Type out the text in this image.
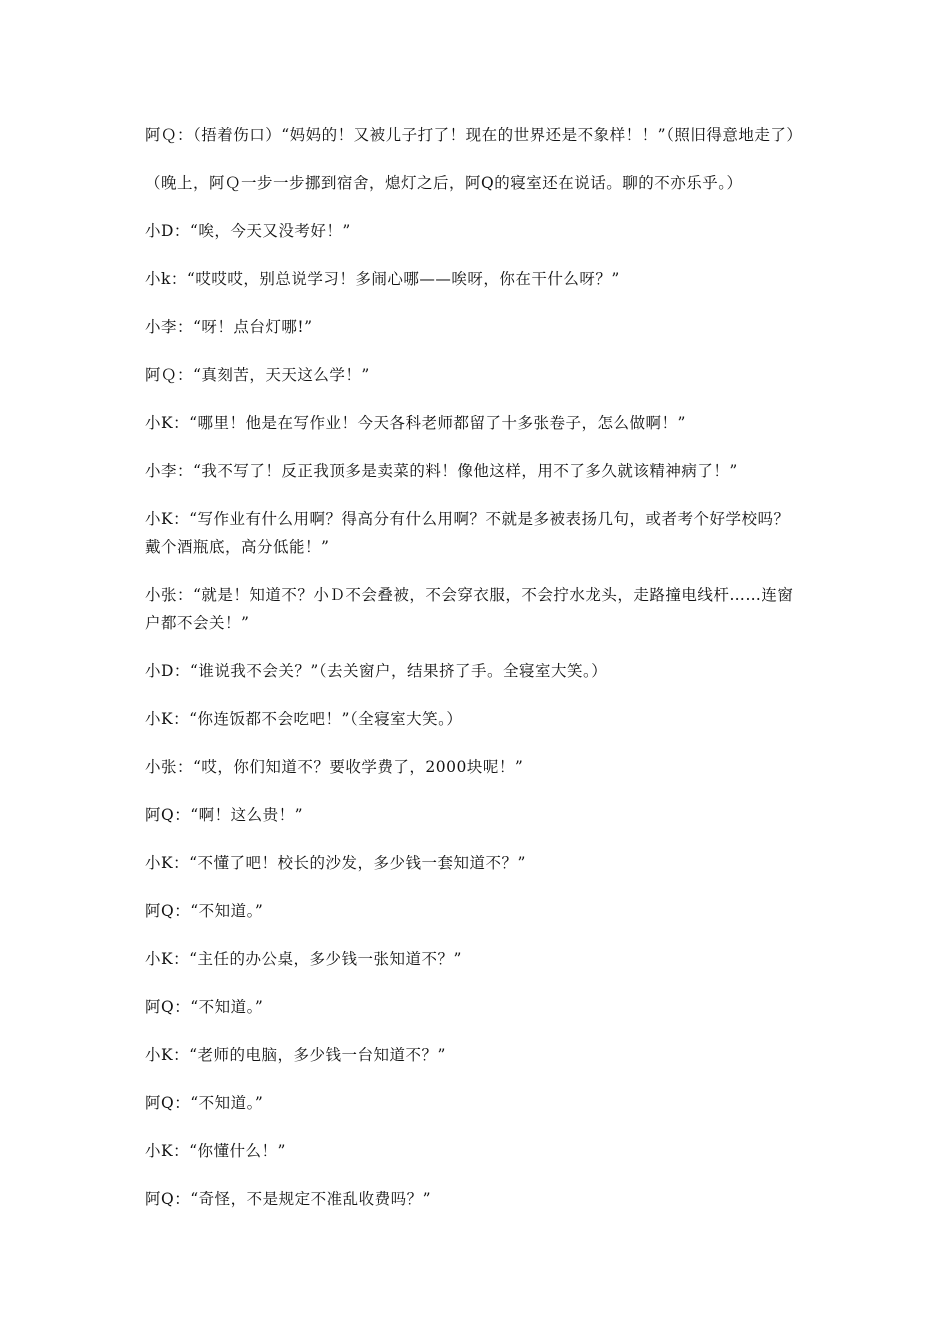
阿Ｑ：（捂着伤口）“妈妈的！又被儿子打了！现在的世界还是不象样！！”（照旧得意地走了）

（晚上，阿Ｑ一步一步挪到宿舍，熄灯之后，阿Q的寝室还在说话。聊的不亦乐乎。）

小D：“唉，今天又没考好！”

小k：“哎哎哎，别总说学习！多闹心哪——唉呀，你在干什么呀？”

小李：“呀！点台灯哪!”

阿Ｑ：“真刻苦，天天这么学！”

小K：“哪里！他是在写作业！今天各科老师都留了十多张卷子，怎么做啊！”

小李：“我不写了！反正我顶多是卖菜的料！像他这样，用不了多久就该精神病了！”

小K：“写作业有什么用啊？得高分有什么用啊？不就是多被表扬几句，或者考个好学校吗？戴个酒瓶底，高分低能！”

小张：“就是！知道不？小Ｄ不会叠被，不会穿衣服，不会拧水龙头，走路撞电线杆……连窗户都不会关！”

小D：“谁说我不会关？”（去关窗户，结果挤了手。全寝室大笑。）

小K：“你连饭都不会吃吧！”（全寝室大笑。）

小张：“哎，你们知道不？要收学费了，2000块呢！”

阿Q：“啊！这么贵！”

小K：“不懂了吧！校长的沙发，多少钱一套知道不？”

阿Q：“不知道。”

小K：“主任的办公桌，多少钱一张知道不？”

阿Q：“不知道。”

小K：“老师的电脑，多少钱一台知道不？”

阿Q：“不知道。”

小K：“你懂什么！”

阿Q：“奇怪，不是规定不准乱收费吗？”
